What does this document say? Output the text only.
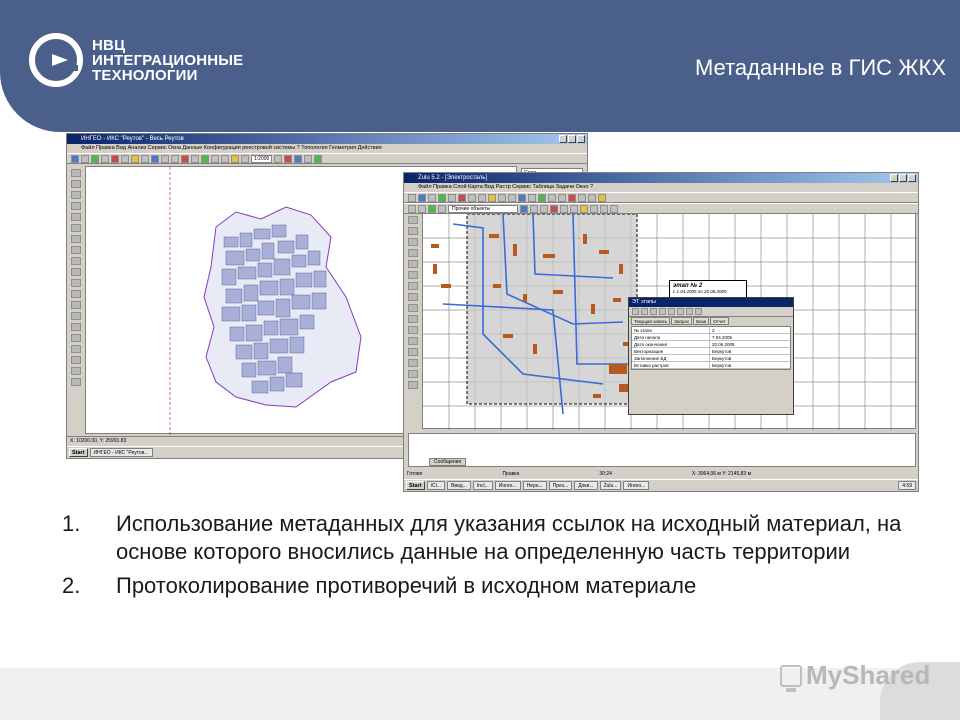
НВЦ
ИНТЕГРАЦИОННЫЕ
ТЕХНОЛОГИИ	Метаданные в ГИС ЖКХ
ИНГЕО - ИКС "Реутов" - Весь Реутов
Файл Правка Вид Анализ Сервис Окна Данные Конфигурация реестровой системы ? Топология Геометрия Действия
1:2000
X: 10200.00, Y: 25991.83
Start	ИНГЕО - ИКС "Реутов...
Zulu 5.2 - [Электросталь]
Файл Правка Слой Карта Вид Растр Сервис Таблица Задачи Окно ?
Прочие объекты
этап № 2
с 1.04.2005 по 20.06.2005
ЭТ этапы
Текущая запись	Запрос	База	Отчет
№ этапа	2
Дата начала	7.04.2005
Дата окончания	20.06.2005
Векторизация	Беркутов
Заполнение БД	Беркутов
Вставка растров	Беркутов
Сообщения
Готово	Правка	30:24	X: 3064,06 м Y: 2145,83 м
Start	ICI...	Введ...	Incl...	Ингео...	Нерн...	През...	Доки...	Zulu...	Ингео...	4:59
1. Использование метаданных для указания ссылок на исходный материал, на основе которого вносились данные на определенную часть территории
2. Протоколирование противоречий в исходном материале
MyShared
